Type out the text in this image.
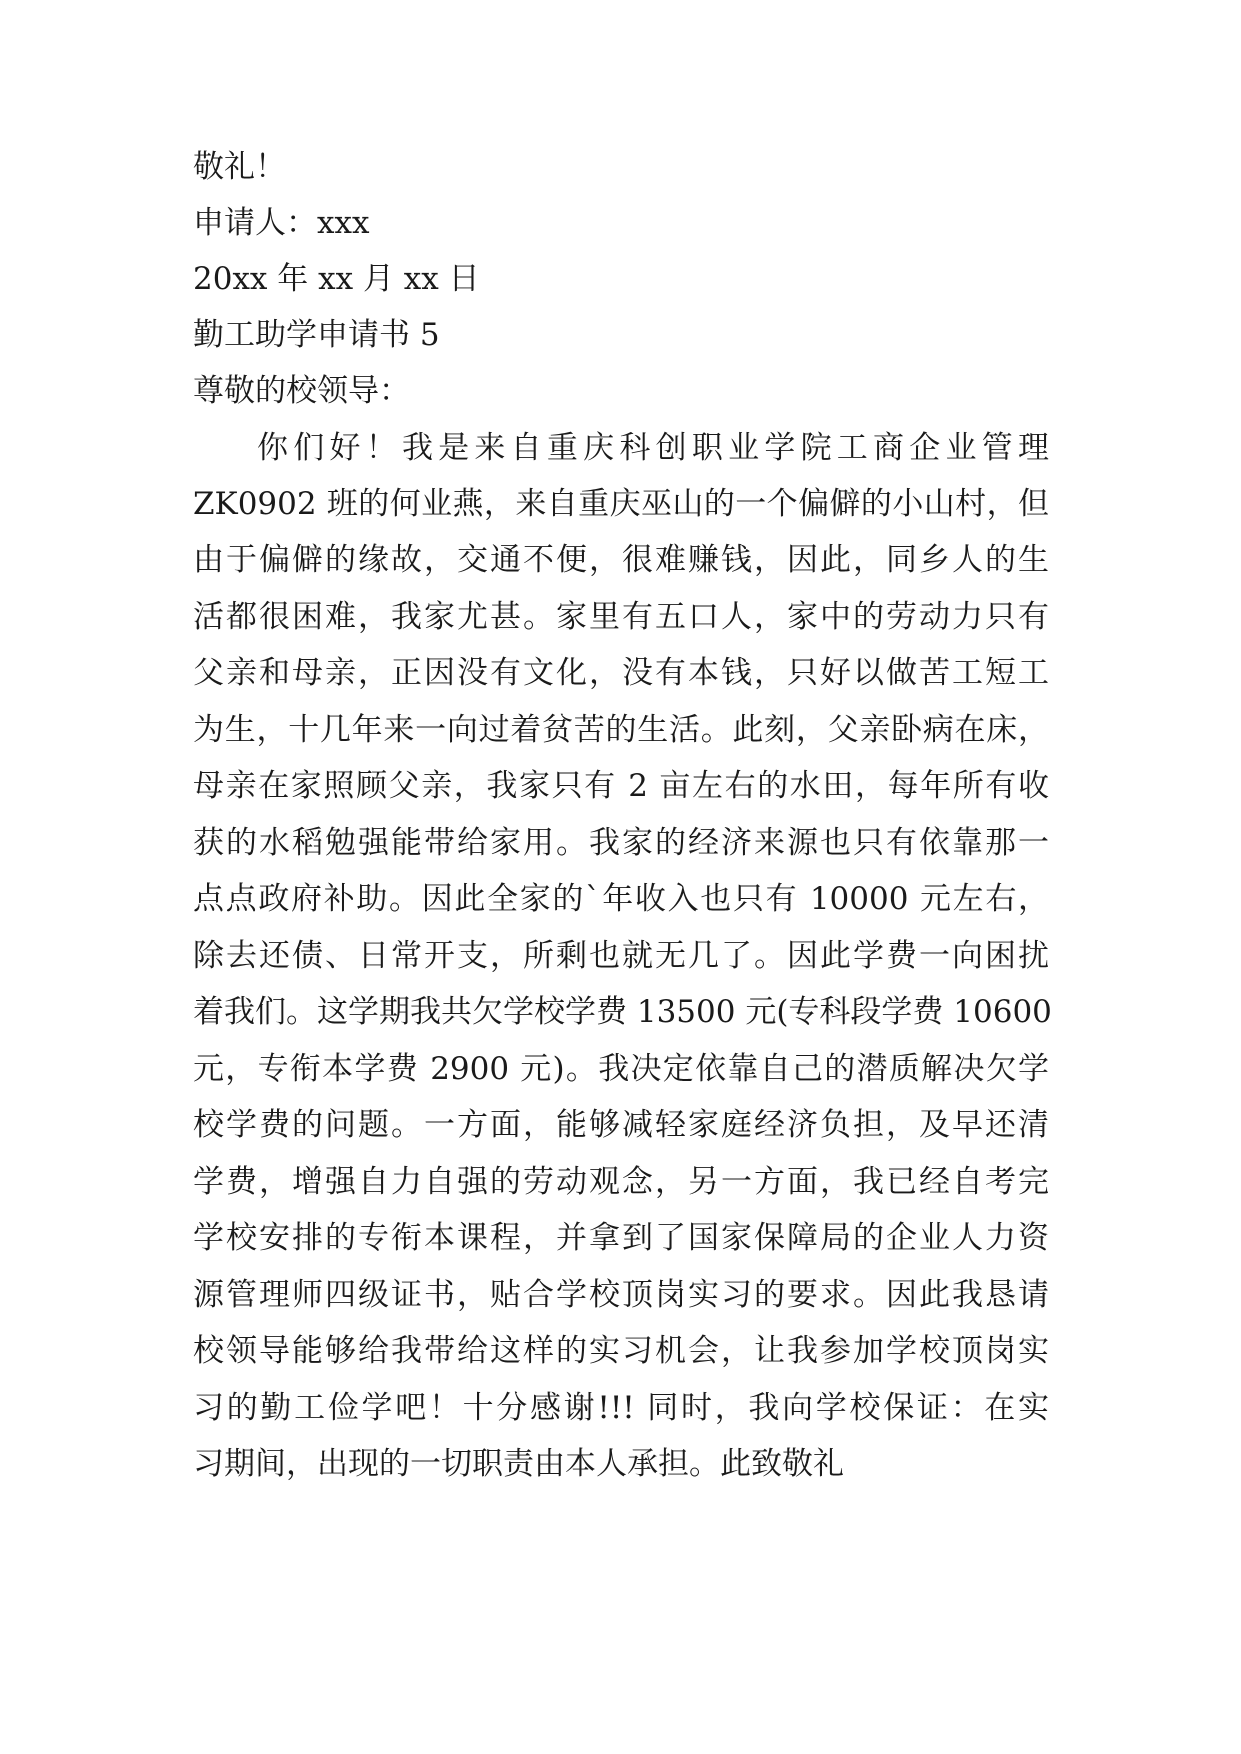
敬礼！
申请人：xxx
20xx 年 xx 月 xx 日
勤工助学申请书 5
尊敬的校领导：
你们好！我是来自重庆科创职业学院工商企业管理
ZK0902 班的何业燕，来自重庆巫山的一个偏僻的小山村，但
由于偏僻的缘故，交通不便，很难赚钱，因此，同乡人的生
活都很困难，我家尤甚。家里有五口人，家中的劳动力只有
父亲和母亲，正因没有文化，没有本钱，只好以做苦工短工
为生，十几年来一向过着贫苦的生活。此刻，父亲卧病在床，
母亲在家照顾父亲，我家只有 2 亩左右的水田，每年所有收
获的水稻勉强能带给家用。我家的经济来源也只有依靠那一
点点政府补助。因此全家的`年收入也只有 10000 元左右，
除去还债、日常开支，所剩也就无几了。因此学费一向困扰
着我们。这学期我共欠学校学费 13500 元(专科段学费 10600
元，专衔本学费 2900 元)。我决定依靠自己的潜质解决欠学
校学费的问题。一方面，能够减轻家庭经济负担，及早还清
学费，增强自力自强的劳动观念，另一方面，我已经自考完
学校安排的专衔本课程，并拿到了国家保障局的企业人力资
源管理师四级证书，贴合学校顶岗实习的要求。因此我恳请
校领导能够给我带给这样的实习机会，让我参加学校顶岗实
习的勤工俭学吧！十分感谢!!! 同时，我向学校保证：在实
习期间，出现的一切职责由本人承担。此致敬礼
